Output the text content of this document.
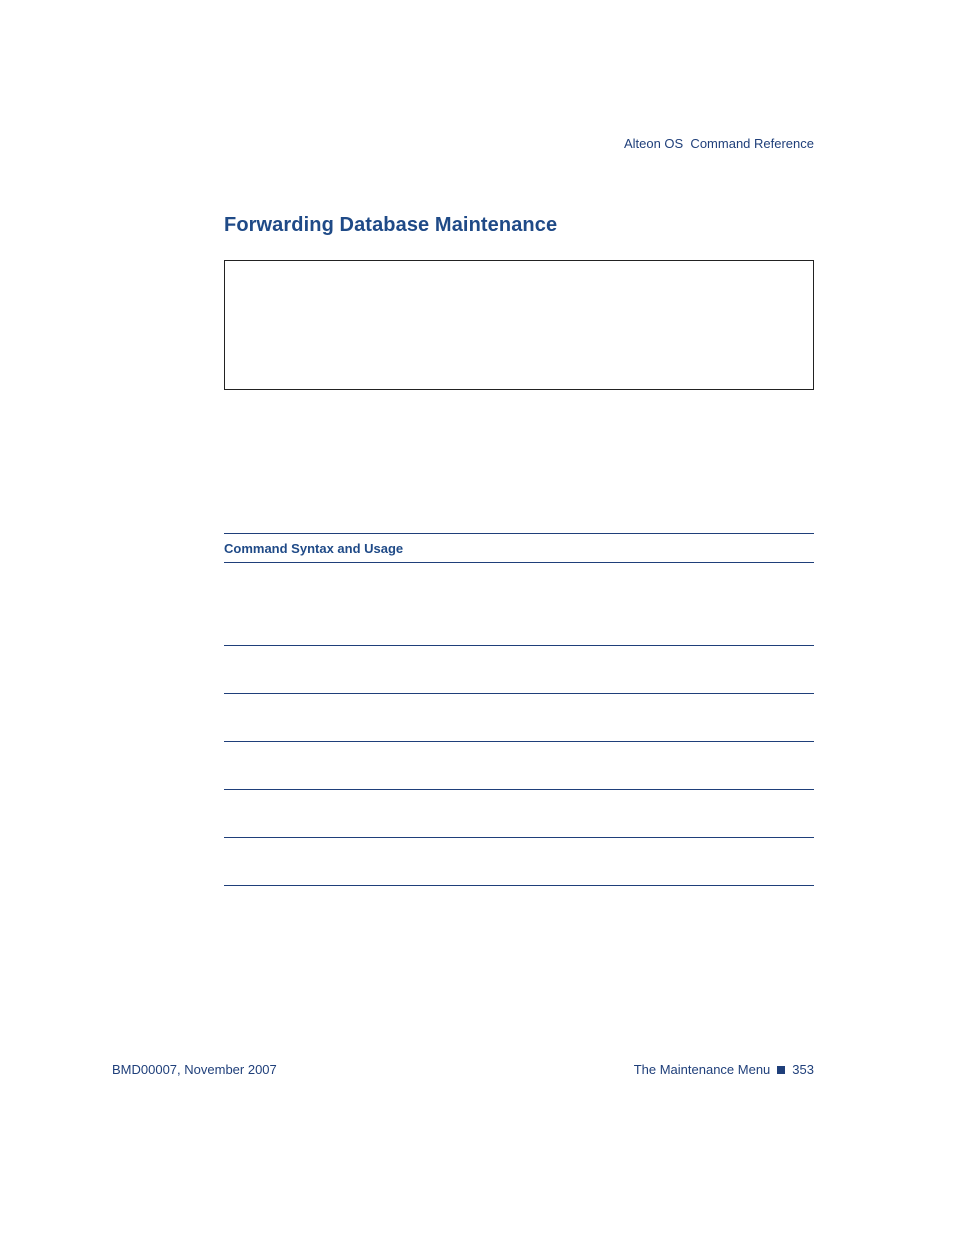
Alteon OS  Command Reference
Forwarding Database Maintenance
Command Syntax and Usage
BMD00007, November 2007	The Maintenance Menu 353
